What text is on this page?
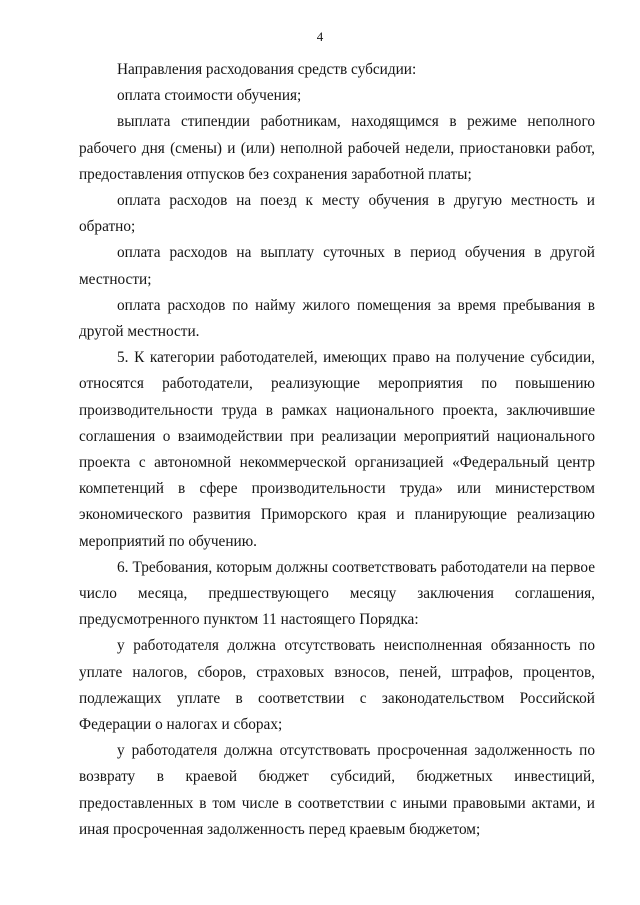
4

Направления расходования средств субсидии:

оплата стоимости обучения;

выплата стипендии работникам, находящимся в режиме неполного рабочего дня (смены) и (или) неполной рабочей недели, приостановки работ, предоставления отпусков без сохранения заработной платы;

оплата расходов на поезд к месту обучения в другую местность и обратно;

оплата расходов на выплату суточных в период обучения в другой местности;

оплата расходов по найму жилого помещения за время пребывания в другой местности.

5. К категории работодателей, имеющих право на получение субсидии, относятся работодатели, реализующие мероприятия по повышению производительности труда в рамках национального проекта, заключившие соглашения о взаимодействии при реализации мероприятий национального проекта с автономной некоммерческой организацией «Федеральный центр компетенций в сфере производительности труда» или министерством экономического развития Приморского края и планирующие реализацию мероприятий по обучению.

6. Требования, которым должны соответствовать работодатели на первое число месяца, предшествующего месяцу заключения соглашения, предусмотренного пунктом 11 настоящего Порядка:

у работодателя должна отсутствовать неисполненная обязанность по уплате налогов, сборов, страховых взносов, пеней, штрафов, процентов, подлежащих уплате в соответствии с законодательством Российской Федерации о налогах и сборах;

у работодателя должна отсутствовать просроченная задолженность по возврату в краевой бюджет субсидий, бюджетных инвестиций, предоставленных в том числе в соответствии с иными правовыми актами, и иная просроченная задолженность перед краевым бюджетом;
